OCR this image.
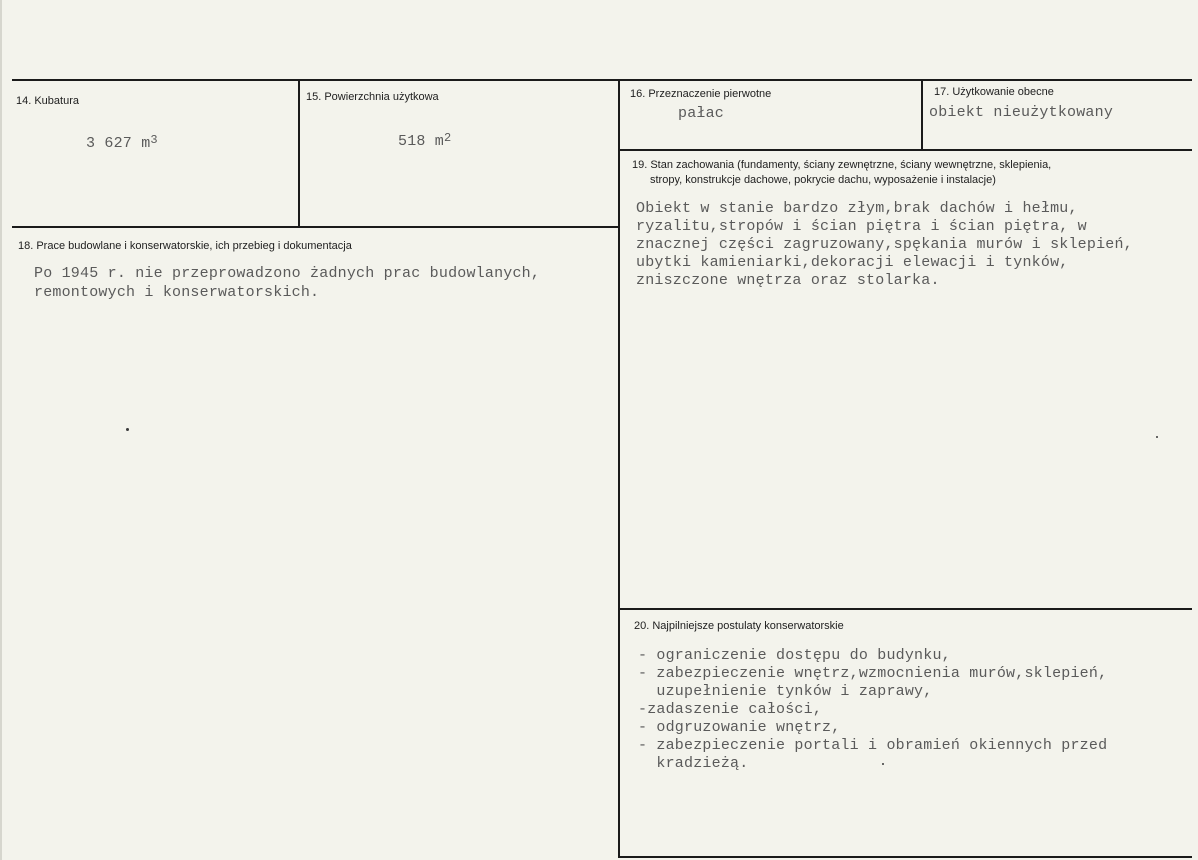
14. Kubatura
3 627 $m^3$
15. Powierzchnia użytkowa
518 $m^2$
16. Przeznaczenie pierwotne
pałac
17. Użytkowanie obecne
obiekt nieużytkowany
18. Prace budowlane i konserwatorskie, ich przebieg i dokumentacja
Po 1945 r. nie przeprowadzono żadnych prac budowlanych,
remontowych i konserwatorskich.
19. Stan zachowania (fundamenty, ściany zewnętrzne, ściany wewnętrzne, sklepienia,
stropy, konstrukcje dachowe, pokrycie dachu, wyposażenie i instalacje)
Obiekt w stanie bardzo złym,brak dachów i hełmu,
ryzalitu,stropów i ścian piętra i ścian piętra, w
znacznej części zagruzowany,spękania murów i sklepień,
ubytki kamieniarki,dekoracji elewacji i tynków,
zniszczone wnętrza oraz stolarka.
20. Najpilniejsze postulaty konserwatorskie
- ograniczenie dostępu do budynku,
- zabezpieczenie wnętrz,wzmocnienia murów,sklepień,
uzupełnienie tynków i zaprawy,
-zadaszenie całości,
- odgruzowanie wnętrz,
- zabezpieczenie portali i obramień okiennych przed
kradzieżą.
